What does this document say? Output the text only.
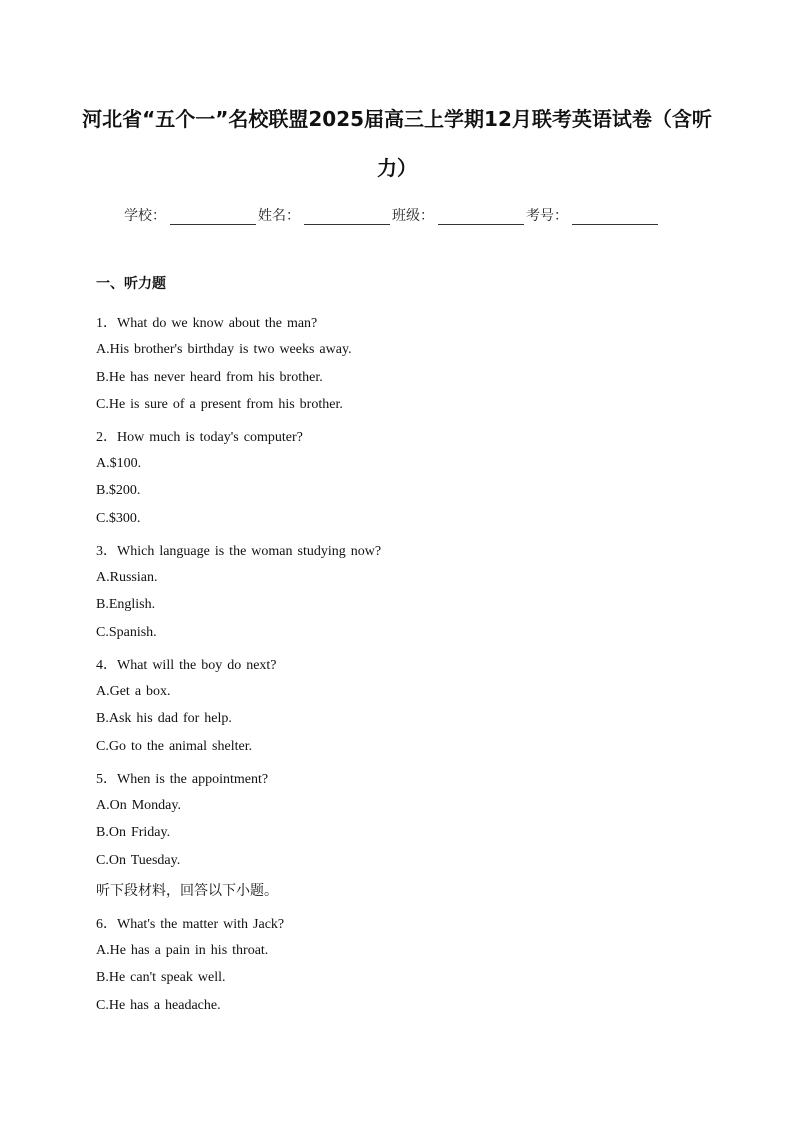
河北省“五个一”名校联盟2025届高三上学期12月联考英语试卷（含听
力）
学校：	姓名：	班级：	考号：
一、听力题
1．What do we know about the man?
A.His brother's birthday is two weeks away.
B.He has never heard from his brother.
C.He is sure of a present from his brother.
2．How much is today's computer?
A.$100.
B.$200.
C.$300.
3．Which language is the woman studying now?
A.Russian.
B.English.
C.Spanish.
4．What will the boy do next?
A.Get a box.
B.Ask his dad for help.
C.Go to the animal shelter.
5．When is the appointment?
A.On Monday.
B.On Friday.
C.On Tuesday.
听下段材料，回答以下小题。
6．What's the matter with Jack?
A.He has a pain in his throat.
B.He can't speak well.
C.He has a headache.
